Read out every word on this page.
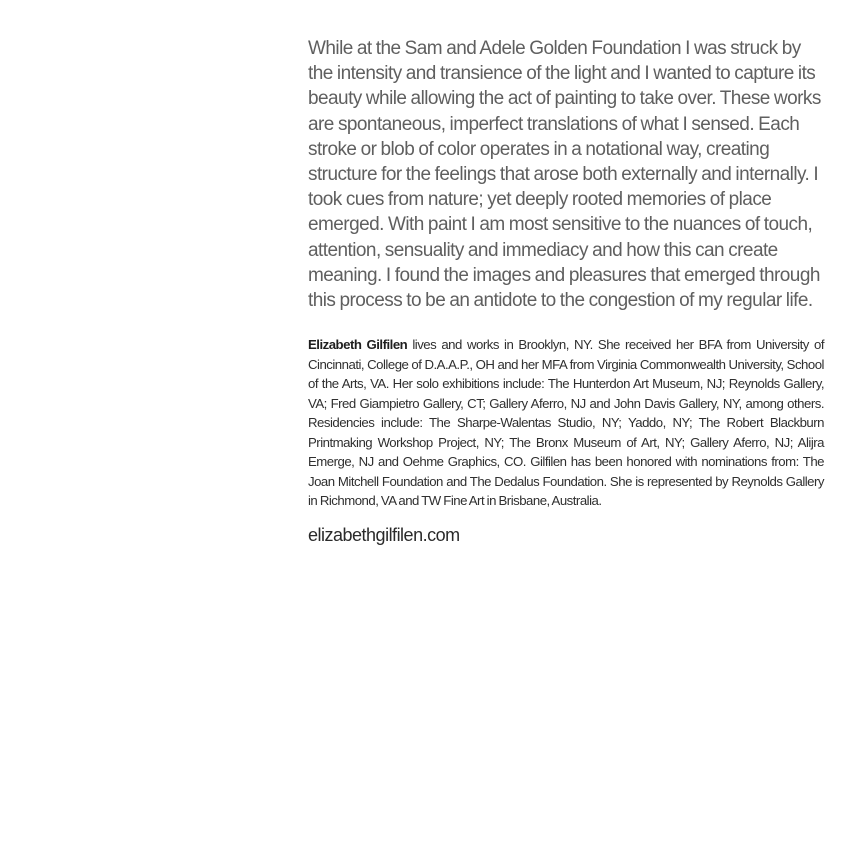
While at the Sam and Adele Golden Foundation I was struck by the intensity and transience of the light and I wanted to capture its beauty while allowing the act of painting to take over. These works are spontaneous, imperfect translations of what I sensed. Each stroke or blob of color operates in a notational way, creating structure for the feelings that arose both externally and internally. I took cues from nature; yet deeply rooted memories of place emerged. With paint I am most sensitive to the nuances of touch, attention, sensuality and immediacy and how this can create meaning. I found the images and pleasures that emerged through this process to be an antidote to the congestion of my regular life.

Elizabeth Gilfilen lives and works in Brooklyn, NY. She received her BFA from University of Cincinnati, College of D.A.A.P., OH and her MFA from Virginia Commonwealth University, School of the Arts, VA. Her solo exhibitions include: The Hunterdon Art Museum, NJ; Reynolds Gallery, VA; Fred Giampietro Gallery, CT; Gallery Aferro, NJ and John Davis Gallery, NY, among others. Residencies include: The Sharpe-Walentas Studio, NY; Yaddo, NY; The Robert Blackburn Printmaking Workshop Project, NY; The Bronx Museum of Art, NY; Gallery Aferro, NJ; Alijra Emerge, NJ and Oehme Graphics, CO. Gilfilen has been honored with nominations from: The Joan Mitchell Foundation and The Dedalus Foundation. She is represented by Reynolds Gallery in Richmond, VA and TW Fine Art in Brisbane, Australia.

elizabethgilfilen.com
